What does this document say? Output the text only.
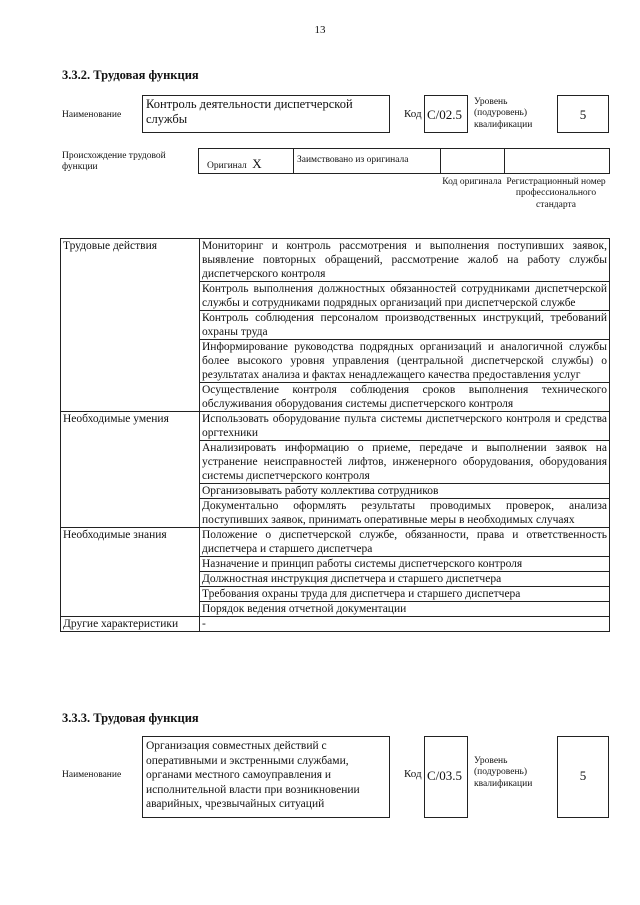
13
3.3.2. Трудовая функция
Наименование
Контроль деятельности диспетчерской службы	Код C/02.5
Уровень (подуровень) квалификации
5
Происхождение трудовой функции	Оригинал X	Заимствовано из оригинала
Код оригинала Регистрационный номер профессионального стандарта
Трудовые действия	Мониторинг и контроль рассмотрения и выполнения поступивших заявок, выявление повторных обращений, рассмотрение жалоб на работу службы диспетчерского контроля
	Контроль выполнения должностных обязанностей сотрудниками диспетчерской службы и сотрудниками подрядных организаций при диспетчерской службе
	Контроль соблюдения персоналом производственных инструкций, требований охраны труда
	Информирование руководства подрядных организаций и аналогичной службы более высокого уровня управления (центральной диспетчерской службы) о результатах анализа и фактах ненадлежащего качества предоставления услуг
	Осуществление контроля соблюдения сроков выполнения технического обслуживания оборудования системы диспетчерского контроля
Необходимые умения	Использовать оборудование пульта системы диспетчерского контроля и средства оргтехники
	Анализировать информацию о приеме, передаче и выполнении заявок на устранение неисправностей лифтов, инженерного оборудования, оборудования системы диспетчерского контроля
	Организовывать работу коллектива сотрудников
	Документально оформлять результаты проводимых проверок, анализа поступивших заявок, принимать оперативные меры в необходимых случаях
Необходимые знания	Положение о диспетчерской службе, обязанности, права и ответственность диспетчера и старшего диспетчера
	Назначение и принцип работы системы диспетчерского контроля
	Должностная инструкция диспетчера и старшего диспетчера
	Требования охраны труда для диспетчера и старшего диспетчера
	Порядок ведения отчетной документации
Другие характеристики	-
3.3.3. Трудовая функция
Наименование
Организация совместных действий с оперативными и экстренными службами, органами местного самоуправления и исполнительной власти при возникновении аварийных, чрезвычайных ситуаций
Код C/03.5
Уровень (подуровень) квалификации
5
